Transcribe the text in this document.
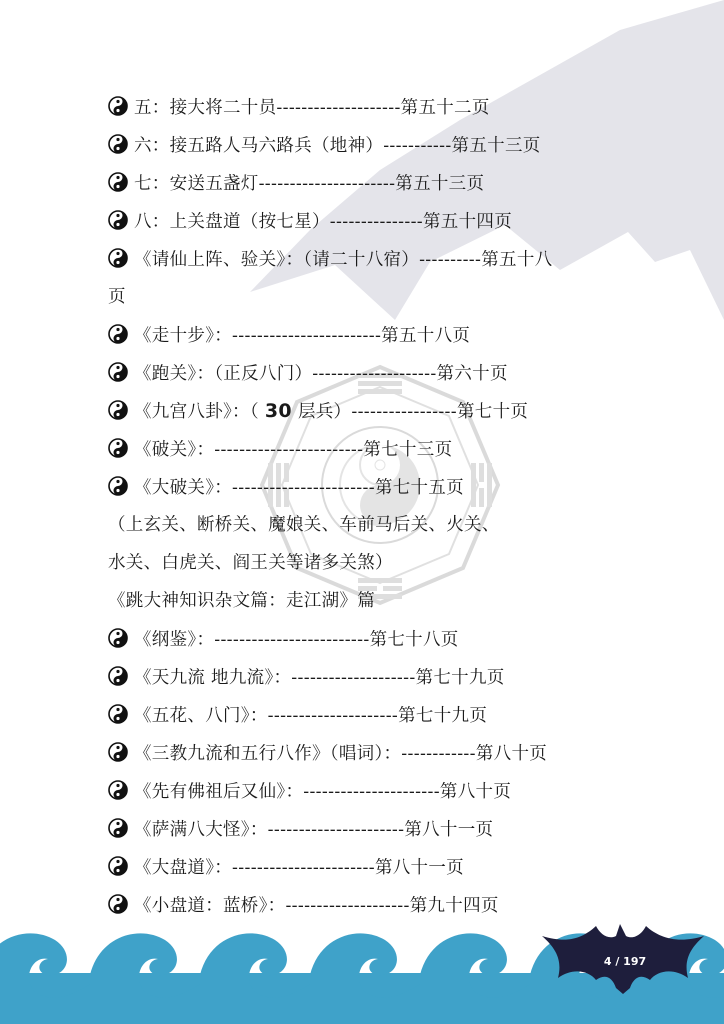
五：接大将二十员--------------------第五十二页
六：接五路人马六路兵（地神）-----------第五十三页
七：安送五盏灯----------------------第五十三页
八：上关盘道（按七星）---------------第五十四页
《请仙上阵、验关》：（请二十八宿）----------第五十八
页
《走十步》：------------------------第五十八页
《跑关》：（正反八门）--------------------第六十页
《九宫八卦》：（ 30 层兵）-----------------第七十页
《破关》：------------------------第七十三页
《大破关》：-----------------------第七十五页
（上玄关、断桥关、魔娘关、车前马后关、火关、
水关、白虎关、阎王关等诸多关煞）
《跳大神知识杂文篇：走江湖》篇
《纲鉴》：-------------------------第七十八页
《天九流 地九流》：--------------------第七十九页
《五花、八门》：---------------------第七十九页
《三教九流和五行八作》（唱词）：------------第八十页
《先有佛祖后又仙》：----------------------第八十页
《萨满八大怪》：----------------------第八十一页
《大盘道》：-----------------------第八十一页
《小盘道：蓝桥》：--------------------第九十四页
4 / 197
